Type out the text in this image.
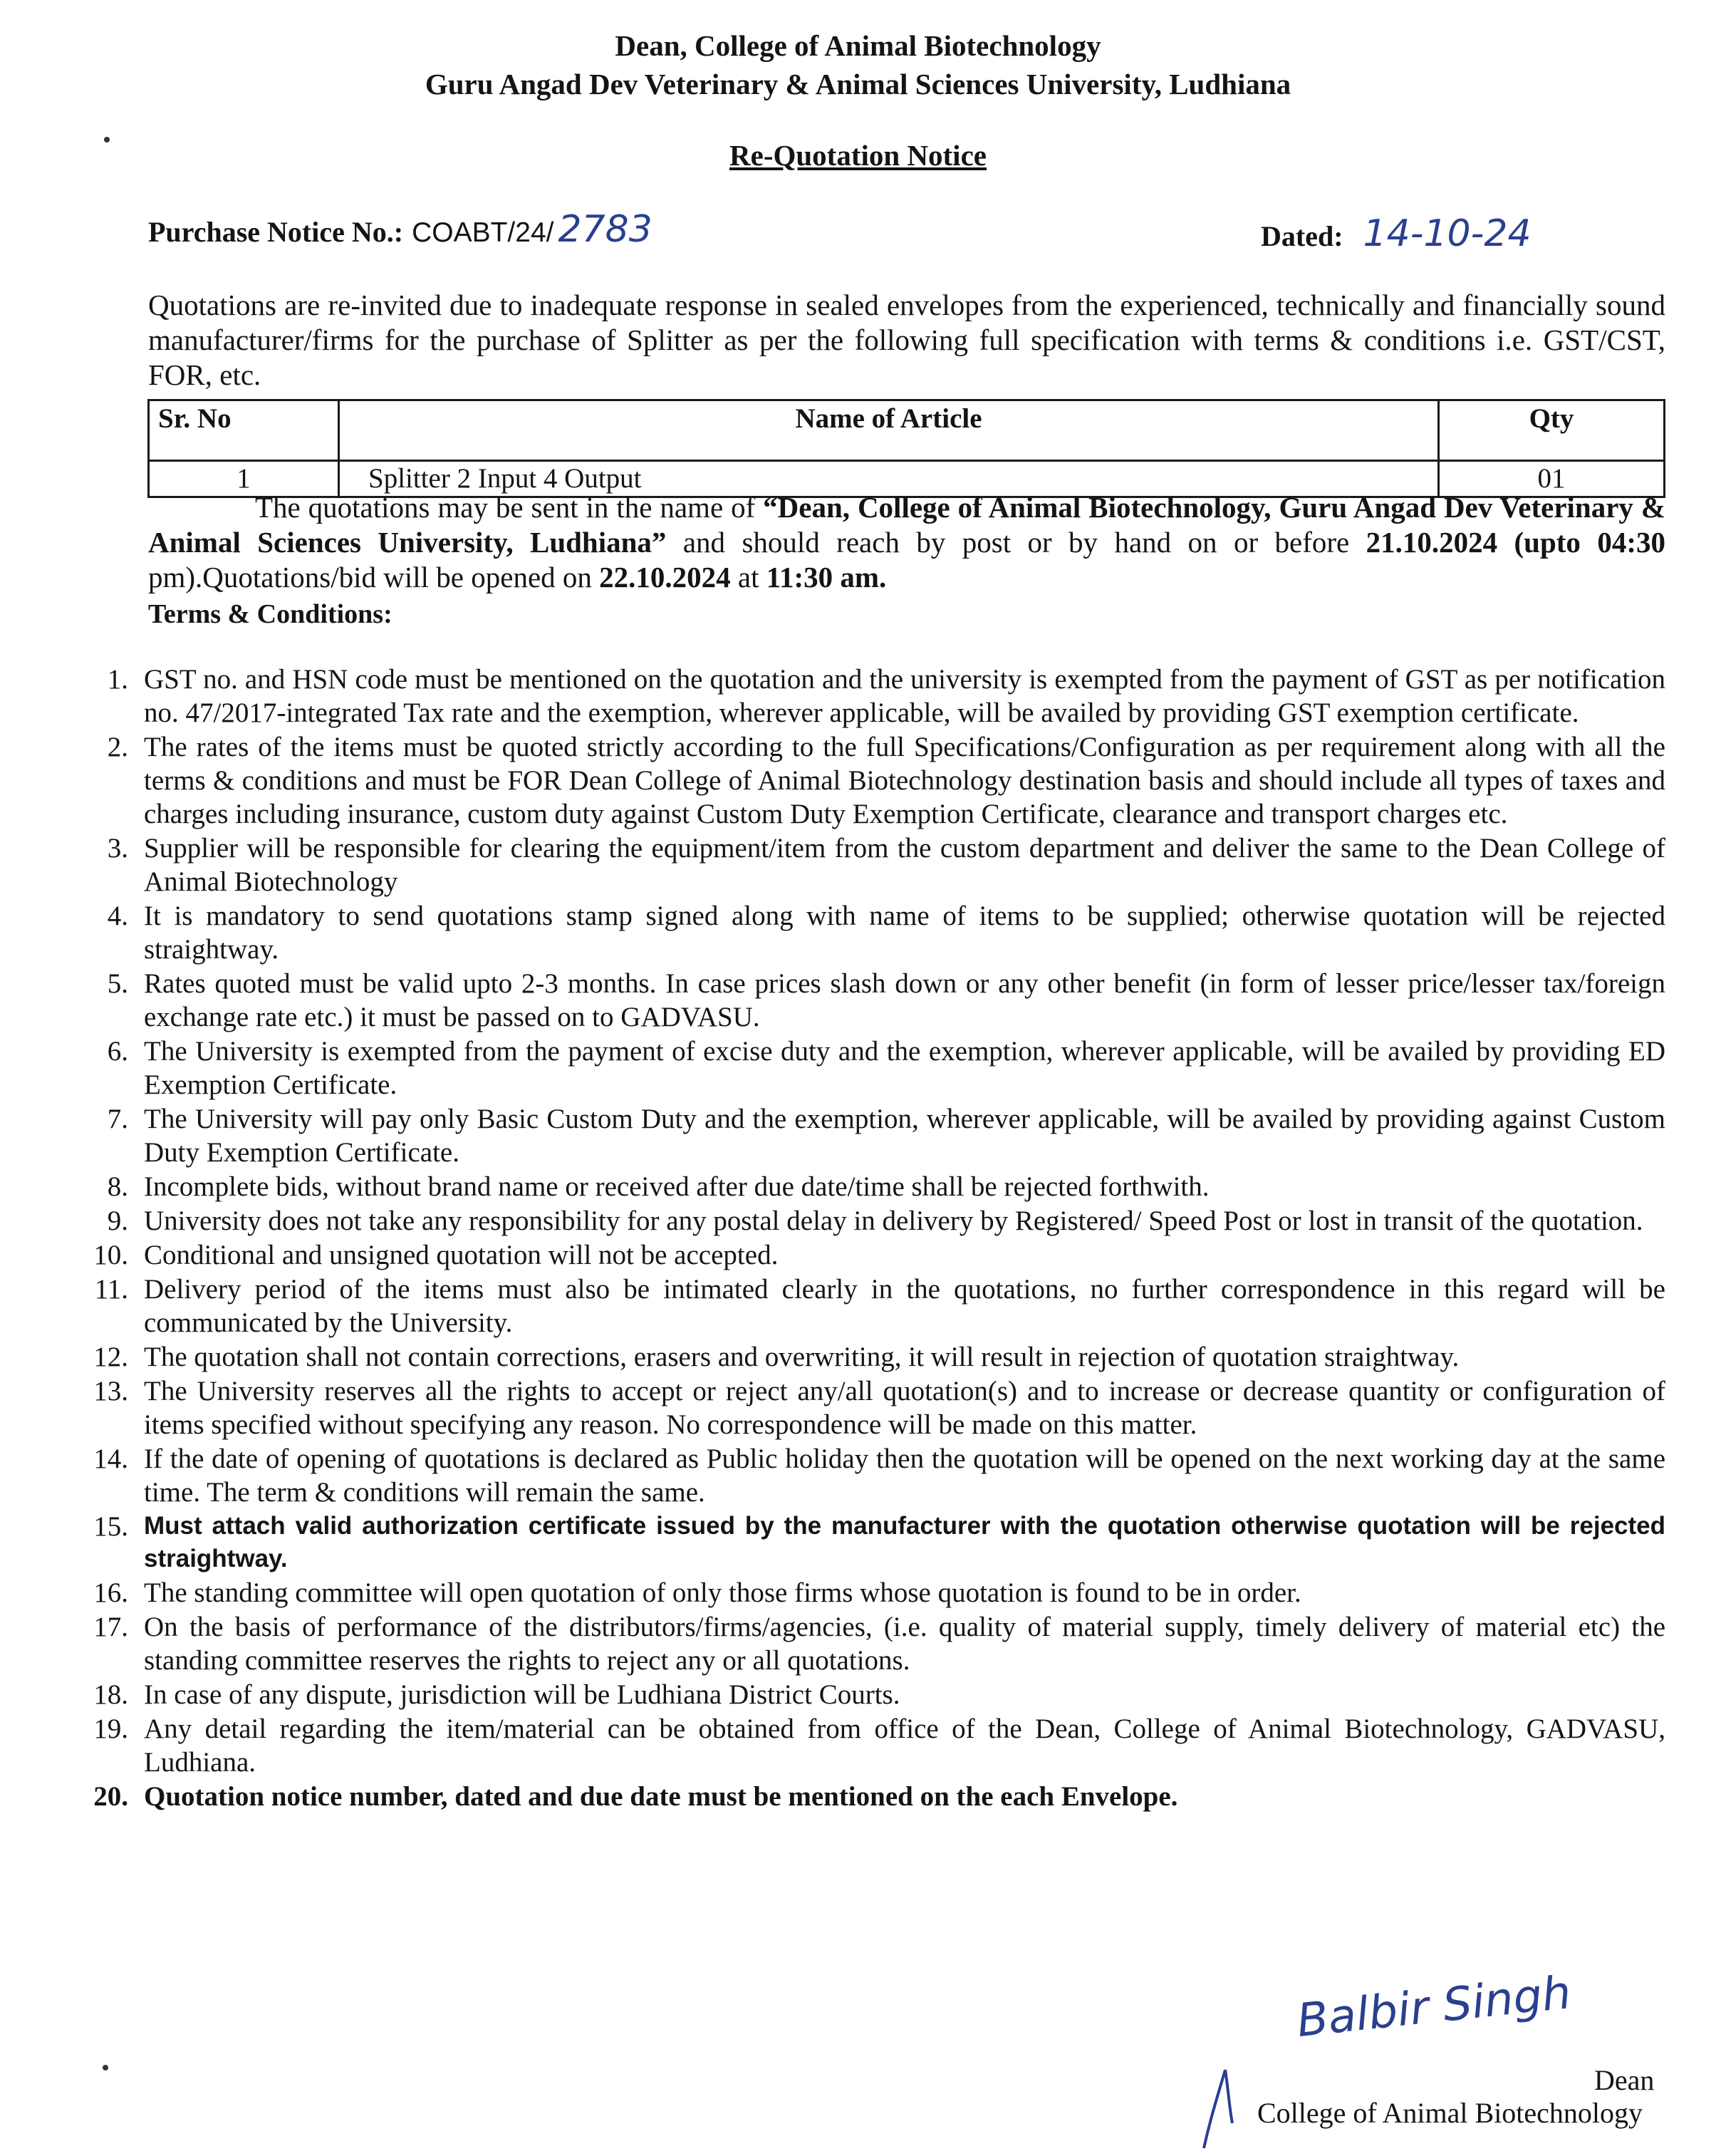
Dean, College of Animal Biotechnology
Guru Angad Dev Veterinary & Animal Sciences University, Ludhiana
Re-Quotation Notice
Purchase Notice No.: COABT/24/ 2783	Dated: 14-10-24
Quotations are re-invited due to inadequate response in sealed envelopes from the experienced, technically and financially sound manufacturer/firms for the purchase of Splitter as per the following full specification with terms & conditions i.e. GST/CST, FOR, etc.
Sr. No	Name of Article	Qty
1	Splitter 2 Input 4 Output	01
The quotations may be sent in the name of “Dean, College of Animal Biotechnology, Guru Angad Dev Veterinary & Animal Sciences University, Ludhiana” and should reach by post or by hand on or before 21.10.2024 (upto 04:30 pm).Quotations/bid will be opened on 22.10.2024 at 11:30 am.
Terms & Conditions:
1. GST no. and HSN code must be mentioned on the quotation and the university is exempted from the payment of GST as per notification no. 47/2017-integrated Tax rate and the exemption, wherever applicable, will be availed by providing GST exemption certificate.
2. The rates of the items must be quoted strictly according to the full Specifications/Configuration as per requirement along with all the terms & conditions and must be FOR Dean College of Animal Biotechnology destination basis and should include all types of taxes and charges including insurance, custom duty against Custom Duty Exemption Certificate, clearance and transport charges etc.
3. Supplier will be responsible for clearing the equipment/item from the custom department and deliver the same to the Dean College of Animal Biotechnology
4. It is mandatory to send quotations stamp signed along with name of items to be supplied; otherwise quotation will be rejected straightway.
5. Rates quoted must be valid upto 2-3 months. In case prices slash down or any other benefit (in form of lesser price/lesser tax/foreign exchange rate etc.) it must be passed on to GADVASU.
6. The University is exempted from the payment of excise duty and the exemption, wherever applicable, will be availed by providing ED Exemption Certificate.
7. The University will pay only Basic Custom Duty and the exemption, wherever applicable, will be availed by providing against Custom Duty Exemption Certificate.
8. Incomplete bids, without brand name or received after due date/time shall be rejected forthwith.
9. University does not take any responsibility for any postal delay in delivery by Registered/ Speed Post or lost in transit of the quotation.
10. Conditional and unsigned quotation will not be accepted.
11. Delivery period of the items must also be intimated clearly in the quotations, no further correspondence in this regard will be communicated by the University.
12. The quotation shall not contain corrections, erasers and overwriting, it will result in rejection of quotation straightway.
13. The University reserves all the rights to accept or reject any/all quotation(s) and to increase or decrease quantity or configuration of items specified without specifying any reason. No correspondence will be made on this matter.
14. If the date of opening of quotations is declared as Public holiday then the quotation will be opened on the next working day at the same time. The term & conditions will remain the same.
15. Must attach valid authorization certificate issued by the manufacturer with the quotation otherwise quotation will be rejected straightway.
16. The standing committee will open quotation of only those firms whose quotation is found to be in order.
17. On the basis of performance of the distributors/firms/agencies, (i.e. quality of material supply, timely delivery of material etc) the standing committee reserves the rights to reject any or all quotations.
18. In case of any dispute, jurisdiction will be Ludhiana District Courts.
19. Any detail regarding the item/material can be obtained from office of the Dean, College of Animal Biotechnology, GADVASU, Ludhiana.
20. Quotation notice number, dated and due date must be mentioned on the each Envelope.
Balbir Singh
Dean
College of Animal Biotechnology
